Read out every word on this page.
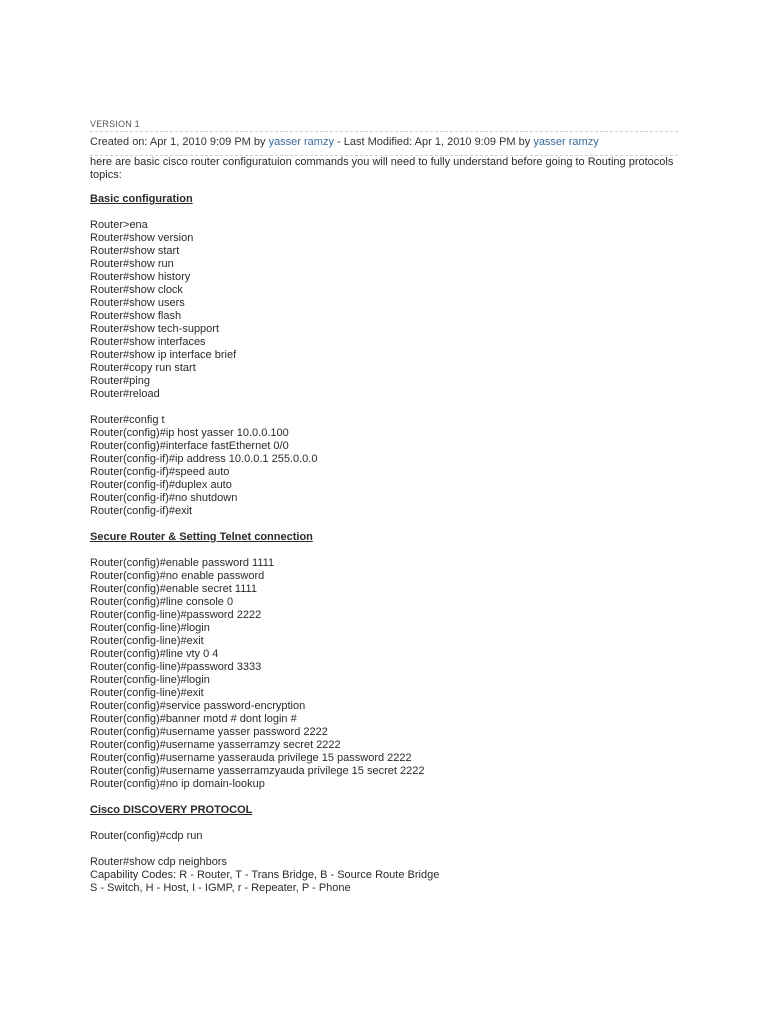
VERSION 1
Created on: Apr 1, 2010 9:09 PM by yasser ramzy - Last Modified: Apr 1, 2010 9:09 PM by yasser ramzy
here are basic cisco router configuratuion commands you will need to fully understand before going to Routing protocols topics:
Basic configuration
Router>ena
Router#show version
Router#show start
Router#show run
Router#show history
Router#show clock
Router#show users
Router#show flash
Router#show tech-support
Router#show interfaces
Router#show ip interface brief
Router#copy run start
Router#ping
Router#reload
Router#config t
Router(config)#ip host yasser 10.0.0.100
Router(config)#interface fastEthernet 0/0
Router(config-if)#ip address 10.0.0.1 255.0.0.0
Router(config-if)#speed auto
Router(config-if)#duplex auto
Router(config-if)#no shutdown
Router(config-if)#exit
Secure Router & Setting Telnet connection
Router(config)#enable password 1111
Router(config)#no enable password
Router(config)#enable secret 1111
Router(config)#line console 0
Router(config-line)#password 2222
Router(config-line)#login
Router(config-line)#exit
Router(config)#line vty 0 4
Router(config-line)#password 3333
Router(config-line)#login
Router(config-line)#exit
Router(config)#service password-encryption
Router(config)#banner motd # dont login #
Router(config)#username yasser password 2222
Router(config)#username yasserramzy secret 2222
Router(config)#username yasserauda privilege 15 password 2222
Router(config)#username yasserramzyauda privilege 15 secret 2222
Router(config)#no ip domain-lookup
Cisco DISCOVERY PROTOCOL
Router(config)#cdp run
Router#show cdp neighbors
Capability Codes: R - Router, T - Trans Bridge, B - Source Route Bridge
S - Switch, H - Host, I - IGMP, r - Repeater, P - Phone
